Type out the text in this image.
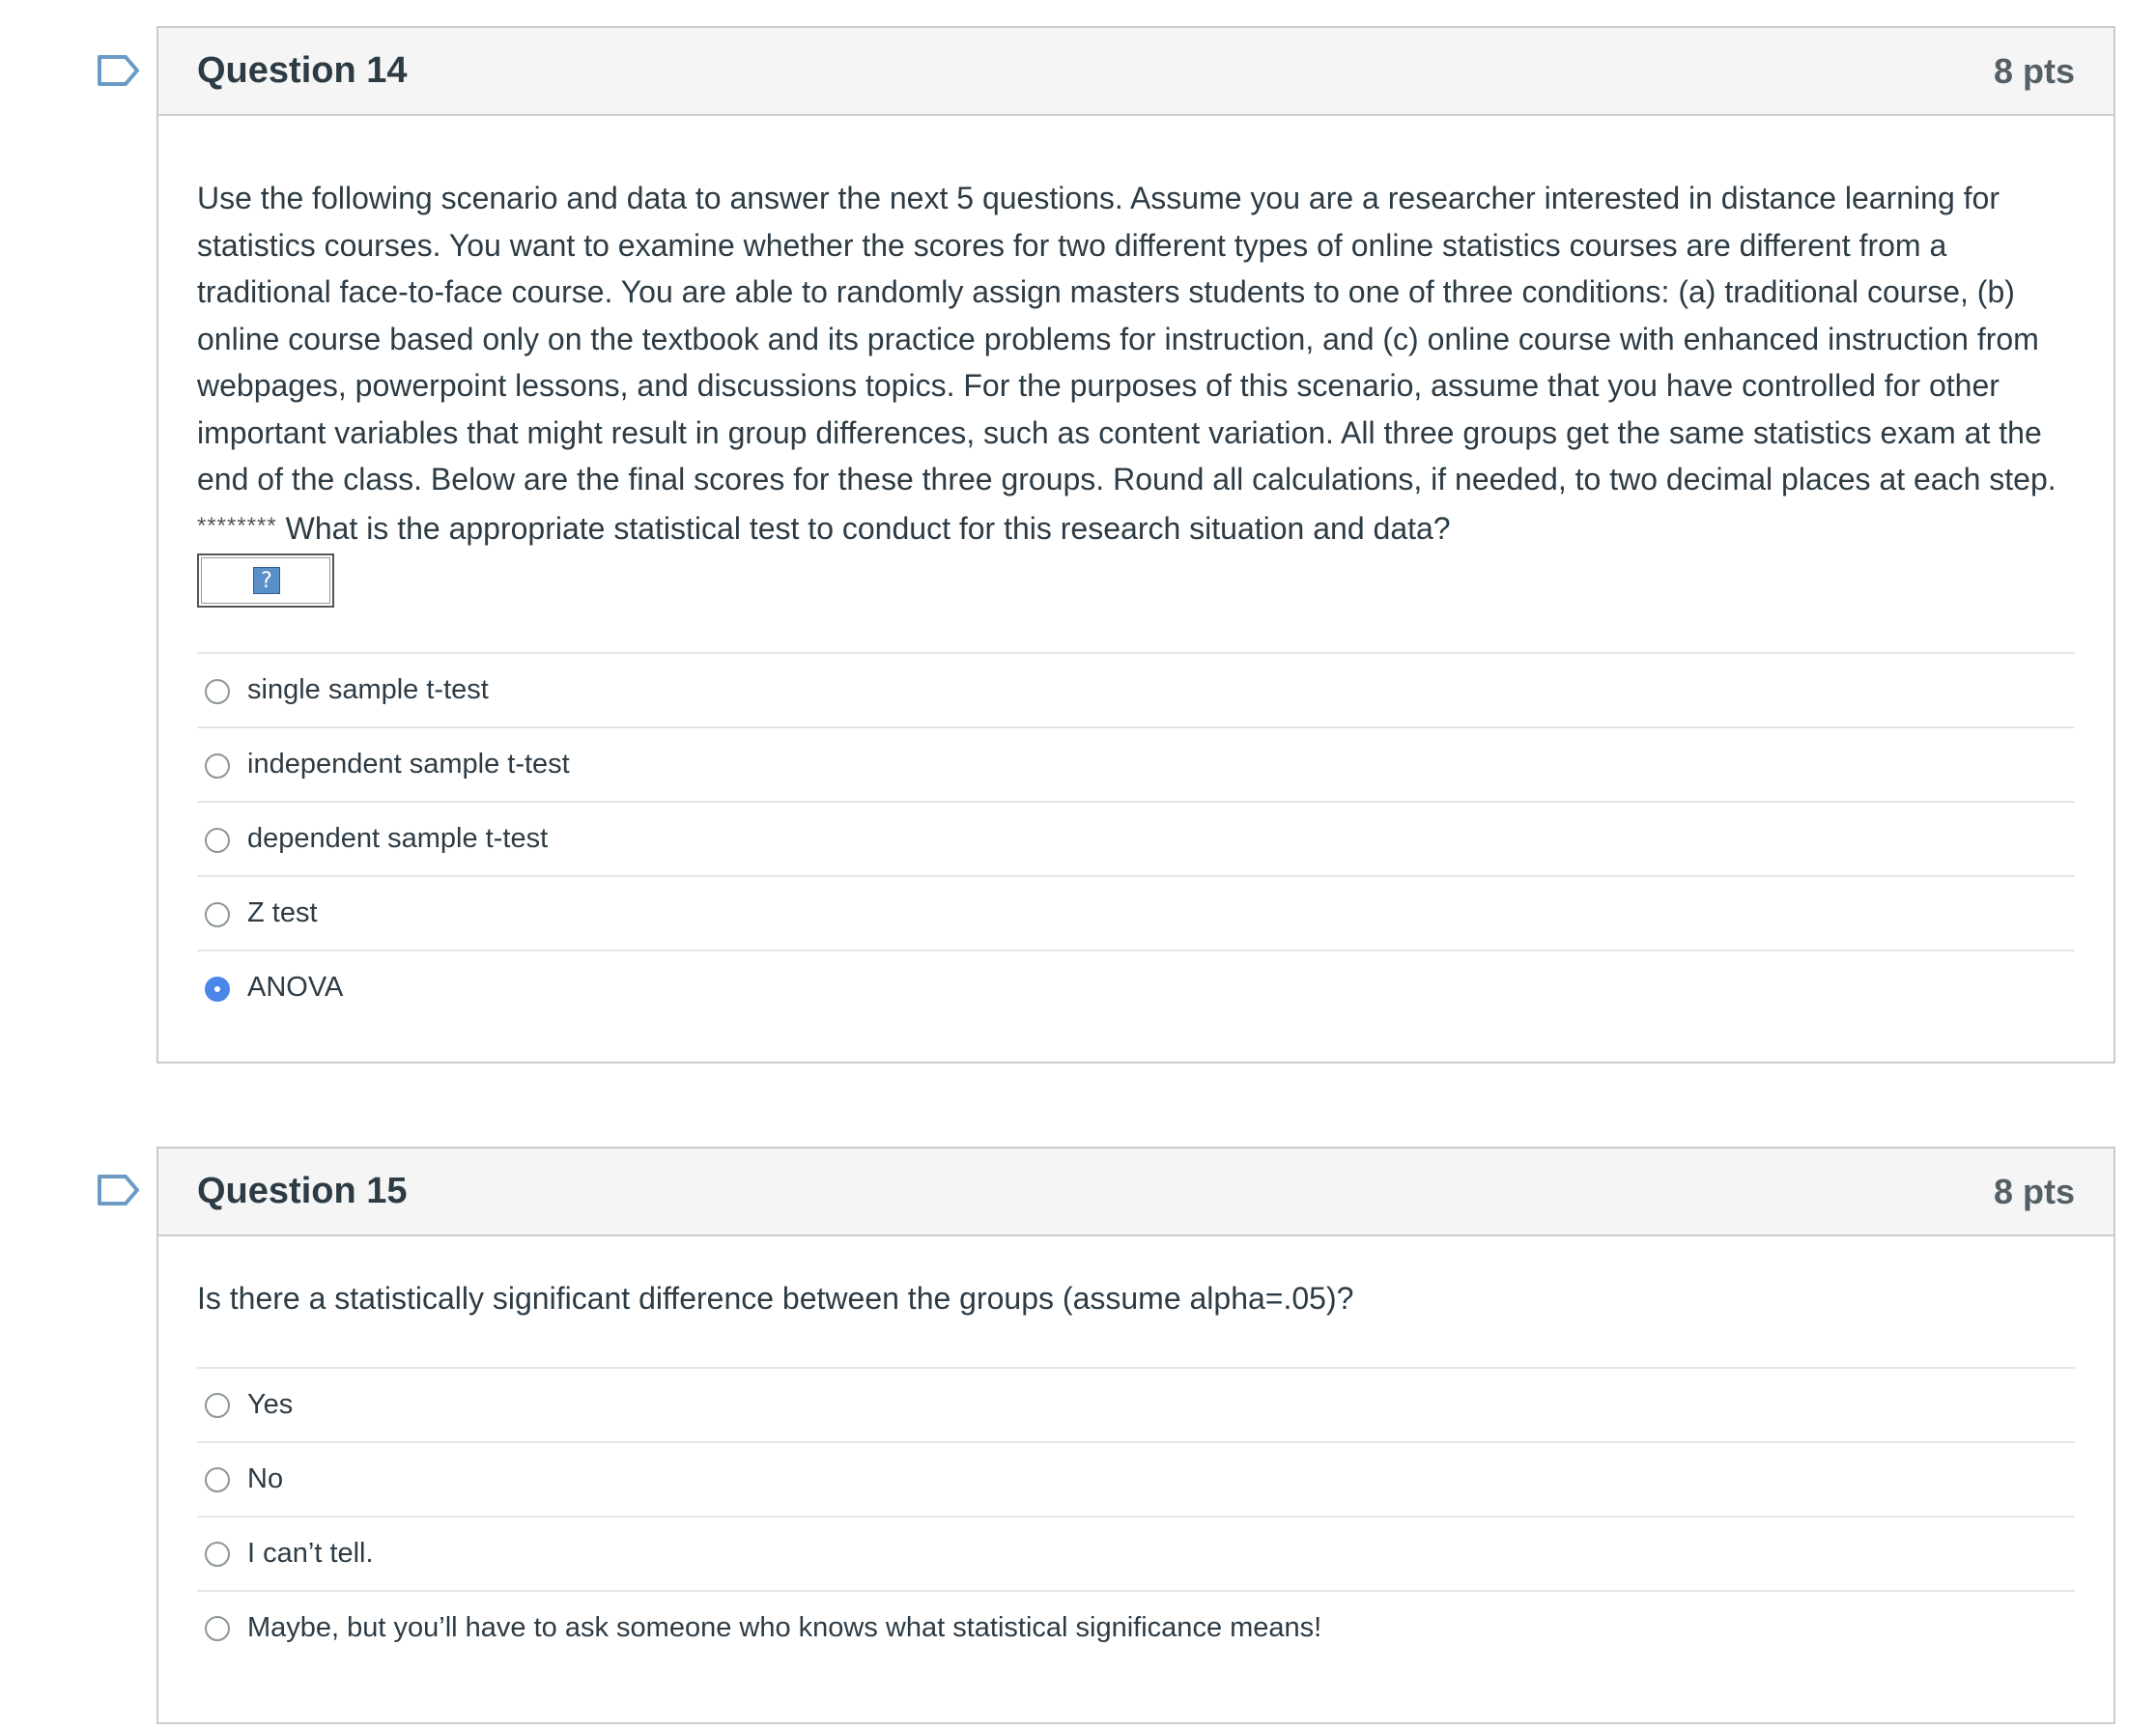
Question 14	8 pts
Use the following scenario and data to answer the next 5 questions. Assume you are a researcher interested in distance learning for statistics courses. You want to examine whether the scores for two different types of online statistics courses are different from a traditional face-to-face course. You are able to randomly assign masters students to one of three conditions: (a) traditional course, (b) online course based only on the textbook and its practice problems for instruction, and (c) online course with enhanced instruction from webpages, powerpoint lessons, and discussions topics. For the purposes of this scenario, assume that you have controlled for other important variables that might result in group differences, such as content variation. All three groups get the same statistics exam at the end of the class. Below are the final scores for these three groups. Round all calculations, if needed, to two decimal places at each step. ******** What is the appropriate statistical test to conduct for this research situation and data?
?
single sample t-test
independent sample t-test
dependent sample t-test
Z test
ANOVA
Question 15	8 pts
Is there a statistically significant difference between the groups (assume alpha=.05)?
Yes
No
I can’t tell.
Maybe, but you’ll have to ask someone who knows what statistical significance means!
